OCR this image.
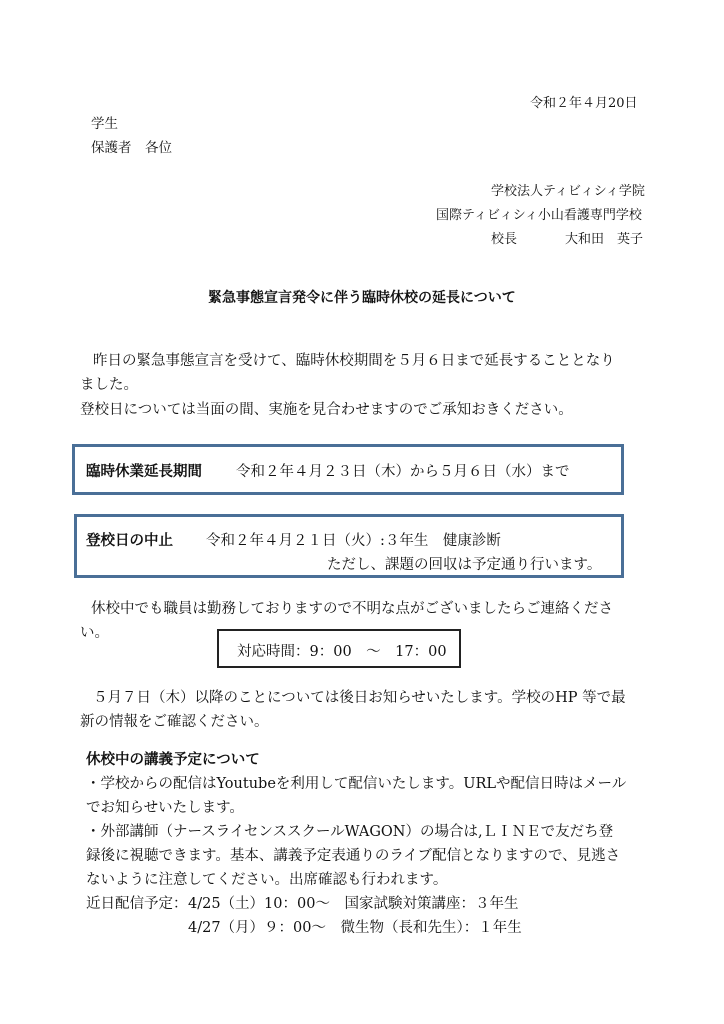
令和２年４月20日
学生
保護者　各位
学校法人ティビィシィ学院
国際ティビィシィ小山看護専門学校
校長	大和田　英子
緊急事態宣言発令に伴う臨時休校の延長について
昨日の緊急事態宣言を受けて、臨時休校期間を５月６日まで延長することとなり
ました。
登校日については当面の間、実施を見合わせますのでご承知おきください。
臨時休業延長期間 令和２年４月２３日（木）から５月６日（水）まで
登校日の中止 令和２年４月２１日（火）:３年生　健康診断
ただし、課題の回収は予定通り行います。
休校中でも職員は勤務しておりますので不明な点がございましたらご連絡くださ
い。
対応時間：9：00　～　17：00
５月７日（木）以降のことについては後日お知らせいたします。学校のHP 等で最
新の情報をご確認ください。
休校中の講義予定について
・学校からの配信はYoutubeを利用して配信いたします。URLや配信日時はメール
でお知らせいたします。
・外部講師（ナースライセンススクールWAGON）の場合は,ＬＩＮＥで友だち登
録後に視聴できます。基本、講義予定表通りのライブ配信となりますので、見逃さ
ないように注意してください。出席確認も行われます。
近日配信予定： 4/25（土）10：00～　国家試験対策講座：３年生
4/27（月）９：00～　微生物（長和先生）：１年生
